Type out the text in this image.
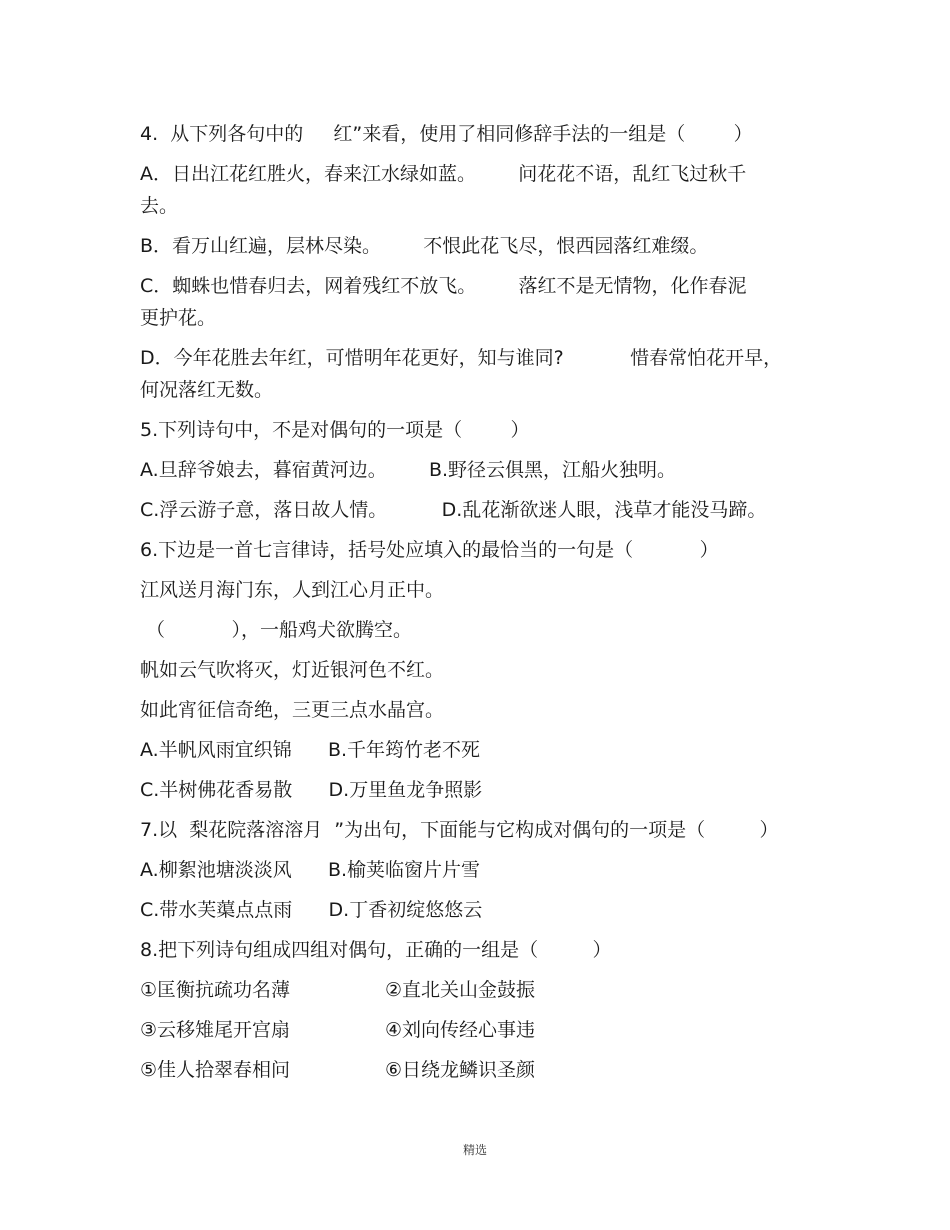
4.  从下列各句中的     红”来看，使用了相同修辞手法的一组是（        ）

A．日出江花红胜火，春来江水绿如蓝。       问花花不语，乱红飞过秋千

去。

B．看万山红遍，层林尽染。       不恨此花飞尽，恨西园落红难缀。

C．蜘蛛也惜春归去，网着残红不放飞。       落红不是无情物，化作春泥

更护花。

D．今年花胜去年红，可惜明年花更好，知与谁同?           惜春常怕花开早，

何况落红无数。

5.下列诗句中，不是对偶句的一项是（        ）

A.旦辞爷娘去，暮宿黄河边。       B.野径云俱黑，江船火独明。

C.浮云游子意，落日故人情。         D.乱花渐欲迷人眼，浅草才能没马蹄。

6.下边是一首七言律诗，括号处应填入的最恰当的一句是（           ）

江风送月海门东，人到江心月正中。

（           ），一船鸡犬欲腾空。

帆如云气吹将灭，灯近银河色不红。

如此宵征信奇绝，三更三点水晶宫。

A.半帆风雨宜织锦      B.千年筠竹老不死

C.半树佛花香易散      D.万里鱼龙争照影

7.以  梨花院落溶溶月  ”为出句，下面能与它构成对偶句的一项是（         ）

A.柳絮池塘淡淡风      B.榆荚临窗片片雪

C.带水芙蕖点点雨      D.丁香初绽悠悠云

8.把下列诗句组成四组对偶句，正确的一组是（         ）

①匡衡抗疏功名薄	②直北关山金鼓振
③云移雉尾开宫扇	④刘向传经心事违
⑤佳人拾翠春相问	⑥日绕龙鳞识圣颜
精选
